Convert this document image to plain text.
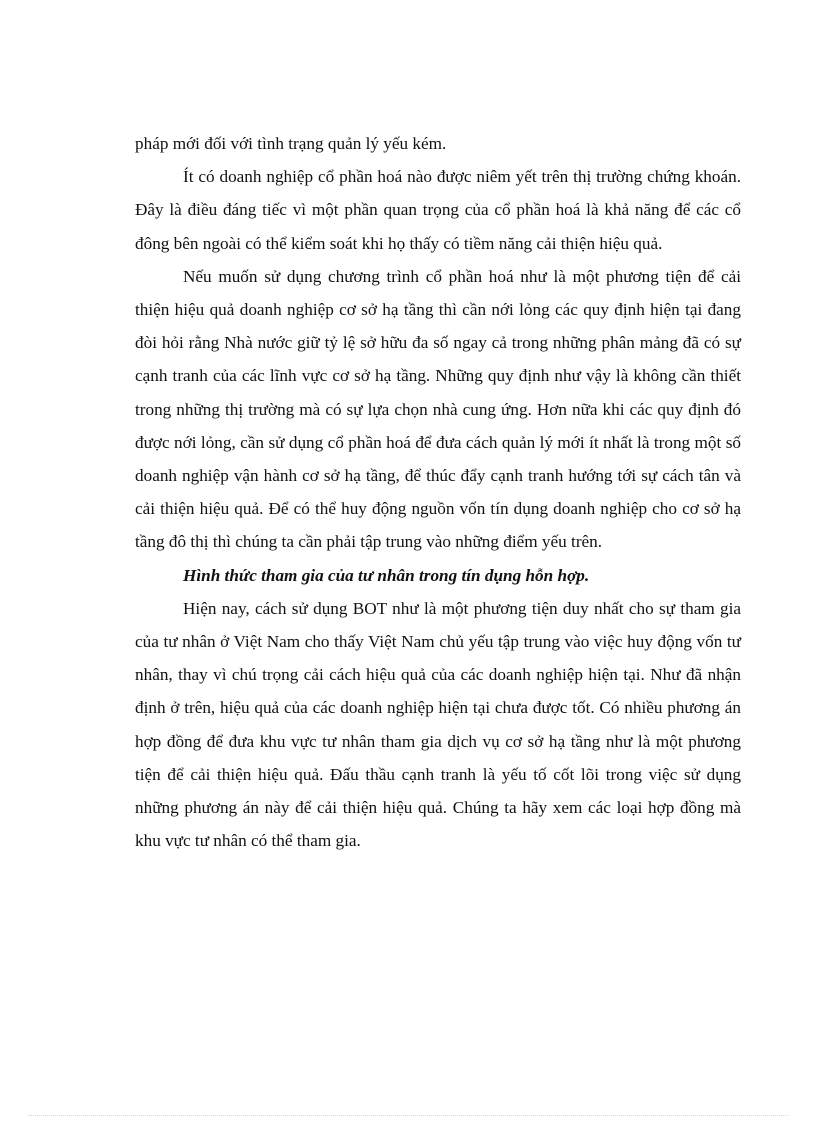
pháp mới đối với tình trạng quản lý yếu kém.

Ít có doanh nghiệp cổ phần hoá nào được niêm yết trên thị trường chứng khoán. Đây là điều đáng tiếc vì một phần quan trọng của cổ phần hoá là khả năng để các cổ đông bên ngoài có thể kiểm soát khi họ thấy có tiềm năng cải thiện hiệu quả.

Nếu muốn sử dụng chương trình cổ phần hoá như là một phương tiện để cải thiện hiệu quả doanh nghiệp cơ sở hạ tầng thì cần nới lỏng các quy định hiện tại đang đòi hỏi rằng Nhà nước giữ tỷ lệ sở hữu đa số ngay cả trong những phân mảng đã có sự cạnh tranh của các lĩnh vực cơ sở hạ tầng. Những quy định như vậy là không cần thiết trong những thị trường mà có sự lựa chọn nhà cung ứng. Hơn nữa khi các quy định đó được nới lỏng, cần sử dụng cổ phần hoá để đưa cách quản lý mới ít nhất là trong một số doanh nghiệp vận hành cơ sở hạ tầng, để thúc đẩy cạnh tranh hướng tới sự cách tân và cải thiện hiệu quả. Để có thể huy động nguồn vốn tín dụng doanh nghiệp cho cơ sở hạ tầng đô thị thì chúng ta cần phải tập trung vào những điểm yếu trên.

Hình thức tham gia của tư nhân trong tín dụng hỗn hợp.

Hiện nay, cách sử dụng BOT như là một phương tiện duy nhất cho sự tham gia của tư nhân ở Việt Nam cho thấy Việt Nam chủ yếu tập trung vào việc huy động vốn tư nhân, thay vì chú trọng cải cách hiệu quả của các doanh nghiệp hiện tại. Như đã nhận định ở trên, hiệu quả của các doanh nghiệp hiện tại chưa được tốt. Có nhiều phương án hợp đồng để đưa khu vực tư nhân tham gia dịch vụ cơ sở hạ tầng như là một phương tiện để cải thiện hiệu quả. Đấu thầu cạnh tranh là yếu tố cốt lõi trong việc sử dụng những phương án này để cải thiện hiệu quả. Chúng ta hãy xem các loại hợp đồng mà khu vực tư nhân có thể tham gia.
